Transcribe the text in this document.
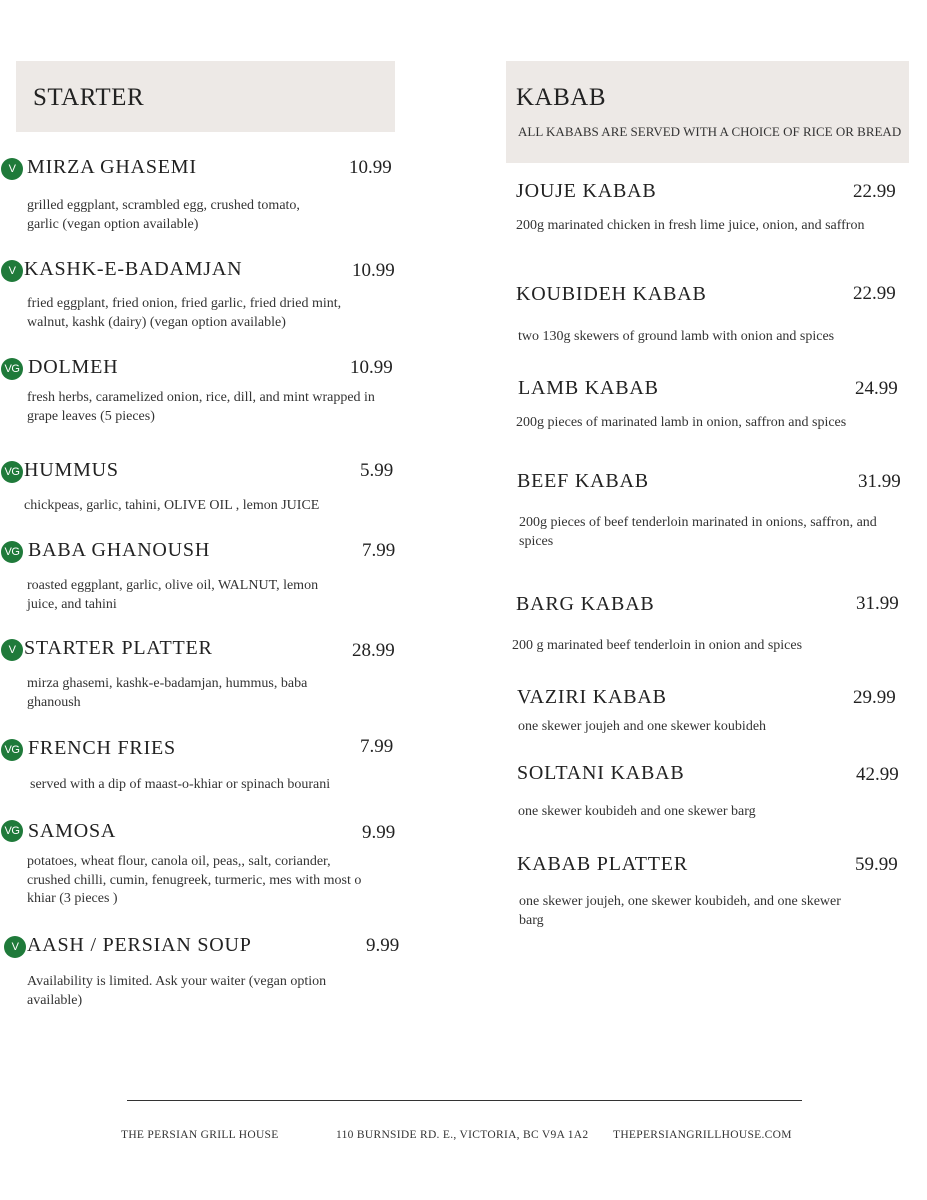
STARTER	KABAB
ALL KABABS ARE SERVED WITH A CHOICE OF RICE OR BREAD
V MIRZA GHASEMI	10.99
grilled eggplant, scrambled egg, crushed tomato, garlic (vegan option available)
V KASHK-E-BADAMJAN	10.99
fried eggplant, fried onion, fried garlic, fried dried mint, walnut, kashk (dairy) (vegan option available)
VG DOLMEH	10.99
fresh herbs, caramelized onion, rice, dill, and mint wrapped in grape leaves (5 pieces)
VG HUMMUS	5.99
chickpeas, garlic, tahini, OLIVE OIL , lemon JUICE
VG BABA GHANOUSH	7.99
roasted eggplant, garlic, olive oil, WALNUT, lemon juice, and tahini
V STARTER PLATTER	28.99
mirza ghasemi, kashk-e-badamjan, hummus, baba ghanoush
VG FRENCH FRIES	7.99
served with a dip of maast-o-khiar or spinach bourani
VG SAMOSA	9.99
potatoes, wheat flour, canola oil, peas,, salt, coriander, crushed chilli, cumin, fenugreek, turmeric, mes with most o khiar (3 pieces )
V AASH / PERSIAN SOUP	9.99
Availability is limited. Ask your waiter (vegan option available)
JOUJE KABAB	22.99
200g marinated chicken in fresh lime juice, onion, and saffron
KOUBIDEH KABAB	22.99
two 130g skewers of ground lamb with onion and spices
LAMB KABAB	24.99
200g pieces of marinated lamb in onion, saffron and spices
BEEF KABAB	31.99
200g pieces of beef tenderloin marinated in onions, saffron, and spices
BARG KABAB	31.99
200 g marinated beef tenderloin in onion and spices
VAZIRI KABAB	29.99
one skewer joujeh and one skewer koubideh
SOLTANI KABAB	42.99
one skewer koubideh and one skewer barg
KABAB PLATTER	59.99
one skewer joujeh, one skewer koubideh, and one skewer barg
THE PERSIAN GRILL HOUSE	110 BURNSIDE RD. E., VICTORIA, BC V9A 1A2 THEPERSIANGRILLHOUSE.COM
